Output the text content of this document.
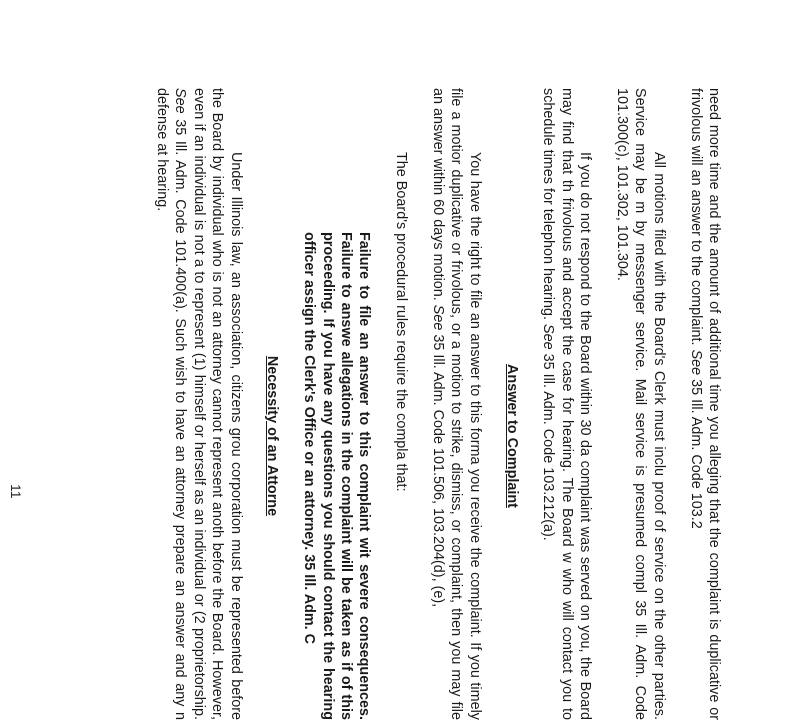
need more time and the amount of additional time you alleging that the complaint is duplicative or frivolous will an answer to the complaint. See 35 Ill. Adm. Code 103.2

All motions filed with the Board's Clerk must inclu proof of service on the other parties. Service may be m by messenger service. Mail service is presumed compl 35 Ill. Adm. Code 101.300(c), 101.302, 101.304.

If you do not respond to the Board within 30 da complaint was served on you, the Board may find that th frivolous and accept the case for hearing. The Board w who will contact you to schedule times for telephon hearing. See 35 Ill. Adm. Code 103.212(a).

Answer to Complaint

You have the right to file an answer to this forma you receive the complaint. If you timely file a motior duplicative or frivolous, or a motion to strike, dismiss, or complaint, then you may file an answer within 60 days motion. See 35 Ill. Adm. Code 101.506, 103.204(d), (e),

The Board's procedural rules require the compla that:

Failure to file an answer to this complaint wit severe consequences. Failure to answe allegations in the complaint will be taken as if of this proceeding. If you have any questions you should contact the hearing officer assign the Clerk's Office or an attorney. 35 Ill. Adm. C

Necessity of an Attorne

Under Illinois law, an association, citizens grou corporation must be represented before the Board by individual who is not an attorney cannot represent anoth before the Board. However, even if an individual is not a to represent (1) himself or herself as an individual or (2 proprietorship. See 35 Ill. Adm. Code 101.400(a). Such wish to have an attorney prepare an answer and any n defense at hearing.

11
